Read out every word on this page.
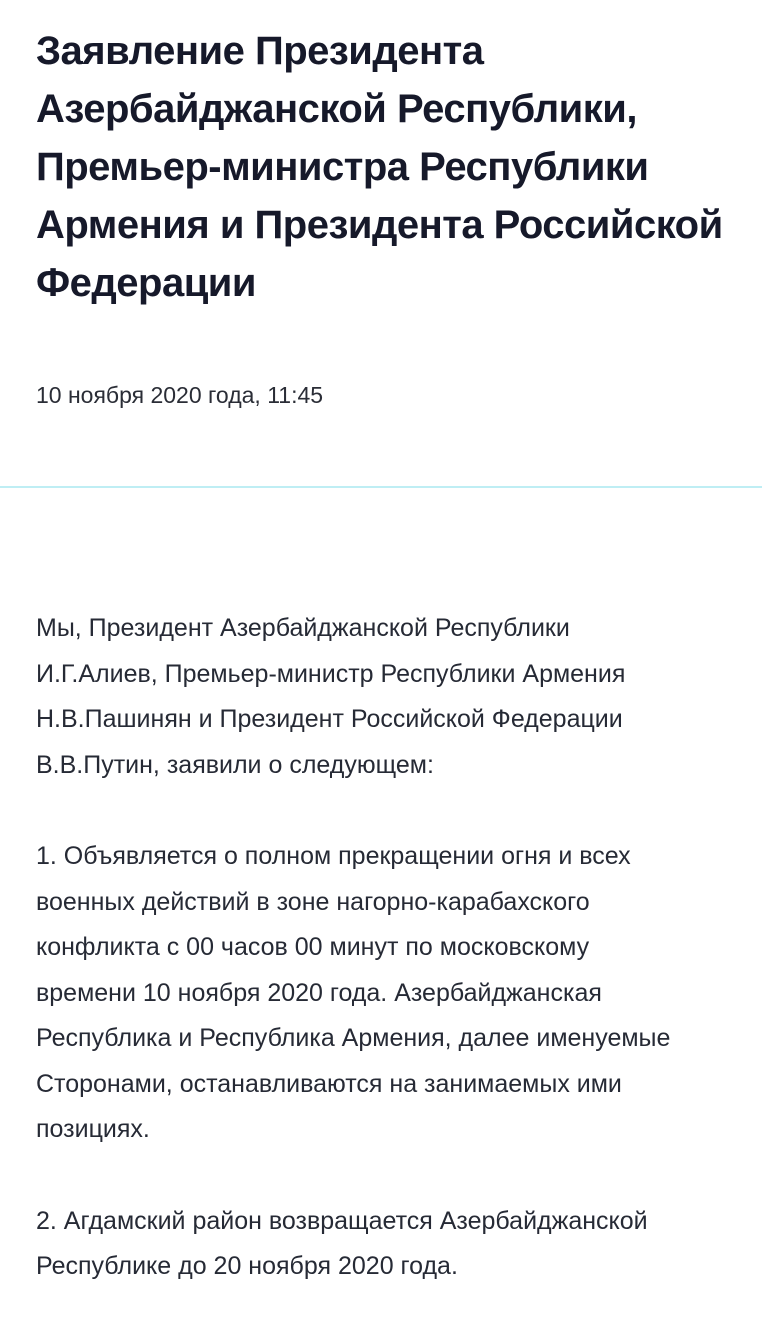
Заявление Президента
Азербайджанской Республики,
Премьер-министра Республики
Армения и Президента Российской
Федерации
10 ноября 2020 года, 11:45

Мы, Президент Азербайджанской Республики
И.Г.Алиев, Премьер-министр Республики Армения
Н.В.Пашинян и Президент Российской Федерации
В.В.Путин, заявили о следующем:

1. Объявляется о полном прекращении огня и всех
военных действий в зоне нагорно-карабахского
конфликта с 00 часов 00 минут по московскому
времени 10 ноября 2020 года. Азербайджанская
Республика и Республика Армения, далее именуемые
Сторонами, останавливаются на занимаемых ими
позициях.

2. Агдамский район возвращается Азербайджанской
Республике до 20 ноября 2020 года.
